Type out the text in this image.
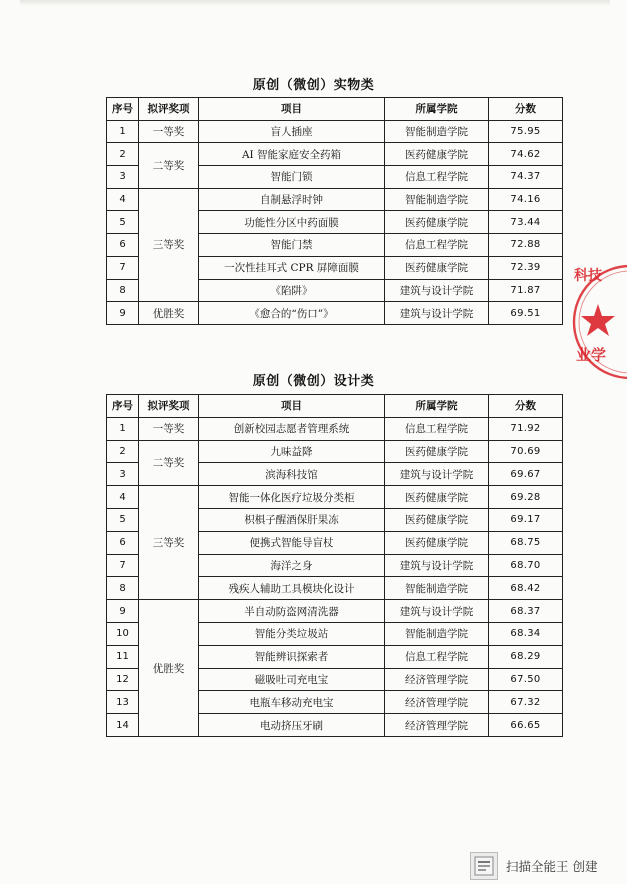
原创（微创）实物类
序号	拟评奖项	项目	所属学院	分数
1	一等奖	盲人插座	智能制造学院	75.95
2	二等奖	AI 智能家庭安全药箱	医药健康学院	74.62
3		智能门锁	信息工程学院	74.37
4	三等奖	自制悬浮时钟	智能制造学院	74.16
5		功能性分区中药面膜	医药健康学院	73.44
6		智能门禁	信息工程学院	72.88
7		一次性挂耳式 CPR 屏障面膜	医药健康学院	72.39
8		《陷阱》	建筑与设计学院	71.87
9	优胜奖	《愈合的“伤口”》	建筑与设计学院	69.51
科技
业学
原创（微创）设计类
序号	拟评奖项	项目	所属学院	分数
1	一等奖	创新校园志愿者管理系统	信息工程学院	71.92
2	二等奖	九味益降	医药健康学院	70.69
3		滨海科技馆	建筑与设计学院	69.67
4	三等奖	智能一体化医疗垃圾分类柜	医药健康学院	69.28
5		枳椇子醒酒保肝果冻	医药健康学院	69.17
6		便携式智能导盲杖	医药健康学院	68.75
7		海洋之身	建筑与设计学院	68.70
8		残疾人辅助工具模块化设计	智能制造学院	68.42
9	优胜奖	半自动防盗网清洗器	建筑与设计学院	68.37
10		智能分类垃圾站	智能制造学院	68.34
11		智能辨识探索者	信息工程学院	68.29
12		磁吸吐司充电宝	经济管理学院	67.50
13		电瓶车移动充电宝	经济管理学院	67.32
14		电动挤压牙刷	经济管理学院	66.65
扫描全能王 创建
